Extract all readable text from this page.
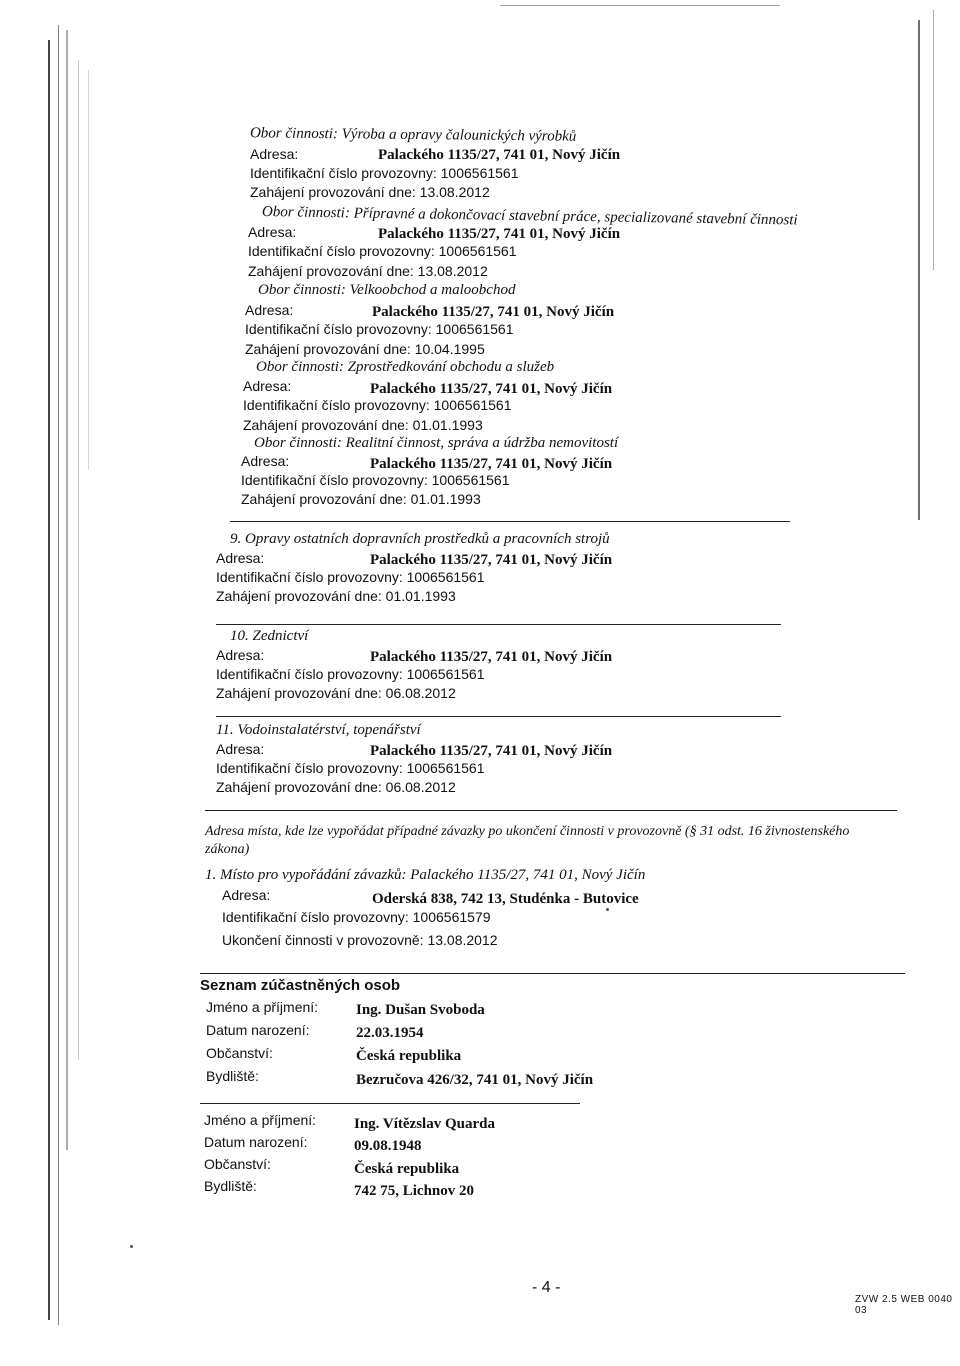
Obor činnosti: Výroba a opravy čalounických výrobků
Adresa:	Palackého 1135/27, 741 01, Nový Jičín
Identifikační číslo provozovny: 1006561561
Zahájení provozování dne: 13.08.2012
Obor činnosti: Přípravné a dokončovací stavební práce, specializované stavební činnosti
Adresa:	Palackého 1135/27, 741 01, Nový Jičín
Identifikační číslo provozovny: 1006561561
Zahájení provozování dne: 13.08.2012
Obor činnosti: Velkoobchod a maloobchod
Adresa:	Palackého 1135/27, 741 01, Nový Jičín
Identifikační číslo provozovny: 1006561561
Zahájení provozování dne: 10.04.1995
Obor činnosti: Zprostředkování obchodu a služeb
Adresa:	Palackého 1135/27, 741 01, Nový Jičín
Identifikační číslo provozovny: 1006561561
Zahájení provozování dne: 01.01.1993
Obor činnosti: Realitní činnost, správa a údržba nemovitostí
Adresa:	Palackého 1135/27, 741 01, Nový Jičín
Identifikační číslo provozovny: 1006561561
Zahájení provozování dne: 01.01.1993
9. Opravy ostatních dopravních prostředků a pracovních strojů
Adresa:	Palackého 1135/27, 741 01, Nový Jičín
Identifikační číslo provozovny: 1006561561
Zahájení provozování dne: 01.01.1993
10. Zednictví
Adresa:	Palackého 1135/27, 741 01, Nový Jičín
Identifikační číslo provozovny: 1006561561
Zahájení provozování dne: 06.08.2012
11. Vodoinstalatérství, topenářství
Adresa:	Palackého 1135/27, 741 01, Nový Jičín
Identifikační číslo provozovny: 1006561561
Zahájení provozování dne: 06.08.2012
Adresa místa, kde lze vypořádat případné závazky po ukončení činnosti v provozovně (§ 31 odst. 16 živnostenského
zákona)
1. Místo pro vypořádání závazků: Palackého 1135/27, 741 01, Nový Jičín
Adresa:	Oderská 838, 742 13, Studénka - Butovice
Identifikační číslo provozovny: 1006561579
Ukončení činnosti v provozovně: 13.08.2012
Seznam zúčastněných osob
Jméno a příjmení:	Ing. Dušan Svoboda
Datum narození:	22.03.1954
Občanství:	Česká republika
Bydliště:	Bezručova 426/32, 741 01, Nový Jičín
Jméno a příjmení:	Ing. Vítězslav Quarda
Datum narození:	09.08.1948
Občanství:	Česká republika
Bydliště:	742 75, Lichnov 20
- 4 -
ZVW 2.5 WEB 0040 03
